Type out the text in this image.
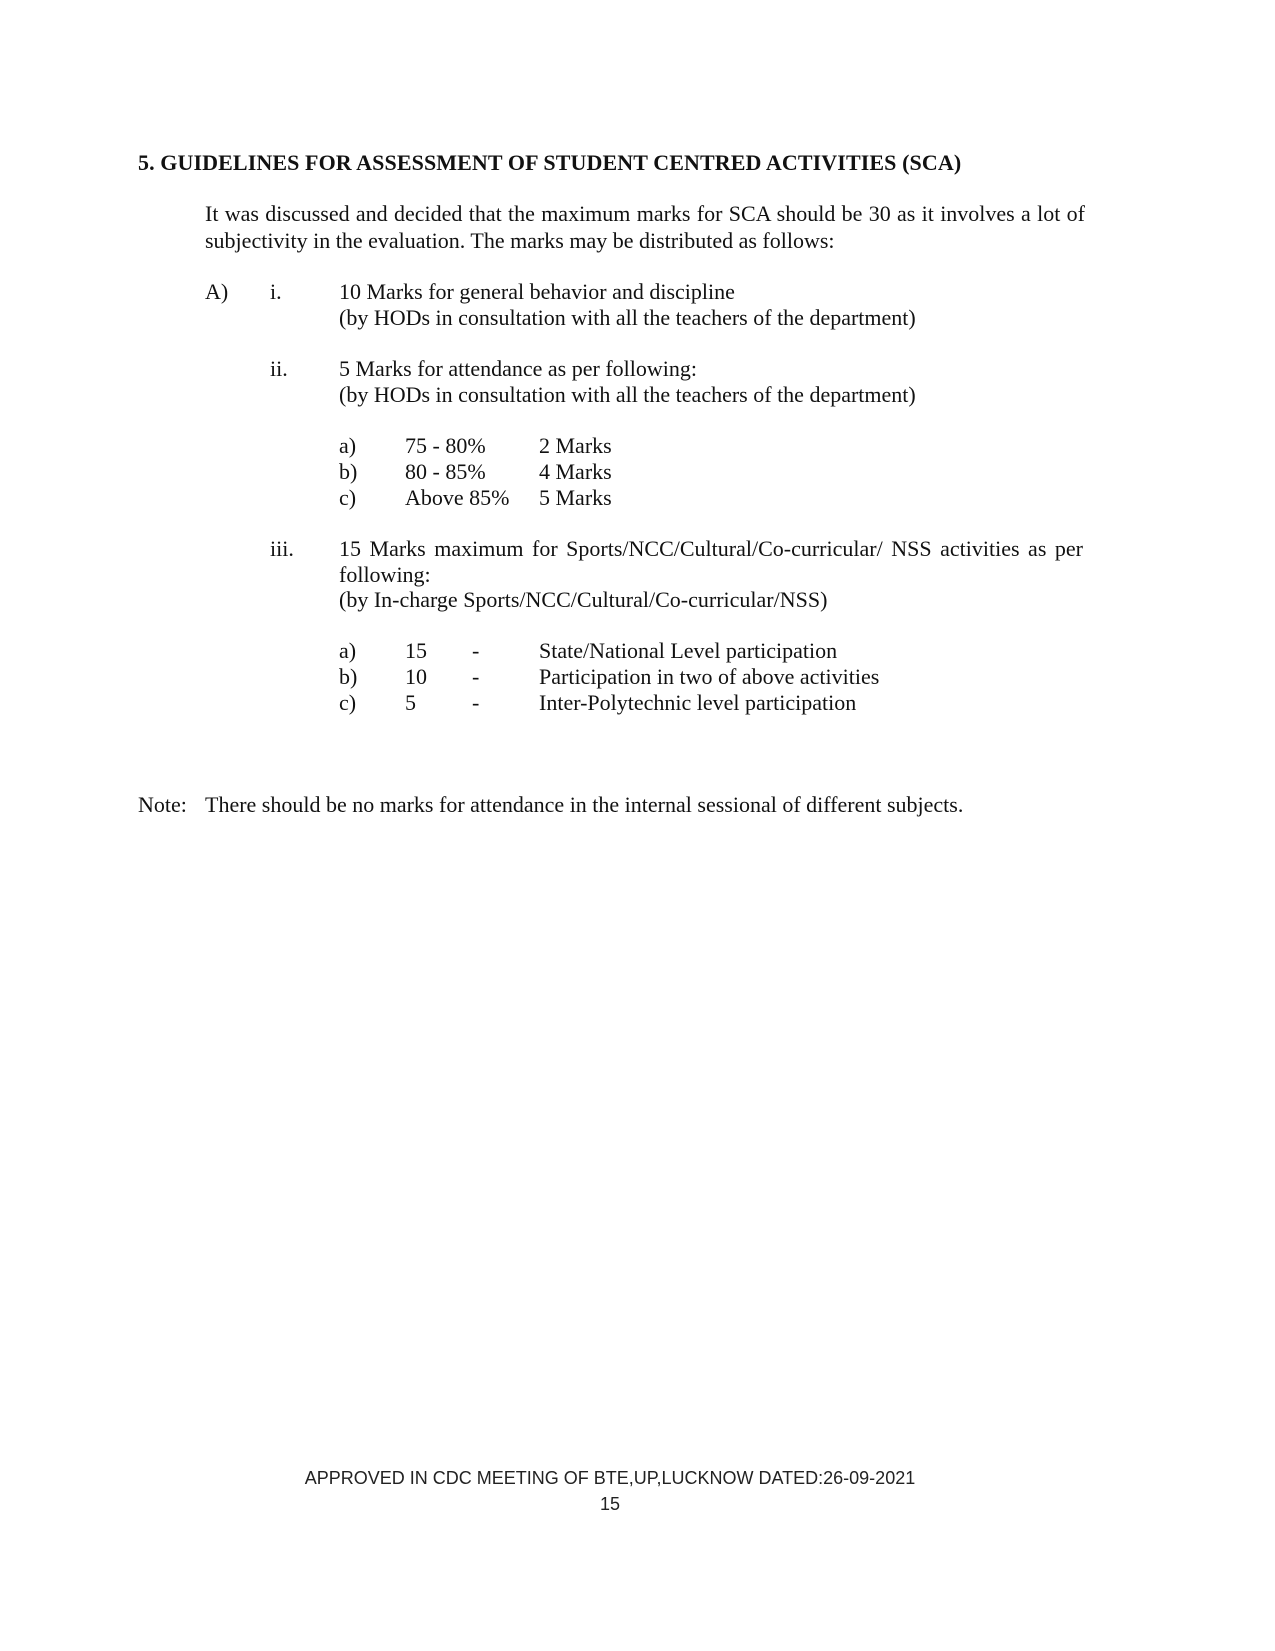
5. GUIDELINES FOR ASSESSMENT OF STUDENT CENTRED ACTIVITIES (SCA)
It was discussed and decided that the maximum marks for SCA should be 30 as it involves a lot of
subjectivity in the evaluation. The marks may be distributed as follows:
A) i.	10 Marks for general behavior and discipline
(by HODs in consultation with all the teachers of the department)
ii. 5 Marks for attendance as per following:
(by HODs in consultation with all the teachers of the department)
a) 75 - 80% 2 Marks
b) 80 - 85% 4 Marks
c) Above 85% 5 Marks
iii. 15 Marks maximum for Sports/NCC/Cultural/Co-curricular/ NSS activities as per
following:
(by In-charge Sports/NCC/Cultural/Co-curricular/NSS)
a) 15 -	State/National Level participation
b) 10 -	Participation in two of above activities
c) 5	-	Inter-Polytechnic level participation
Note: There should be no marks for attendance in the internal sessional of different subjects.
APPROVED IN CDC MEETING OF BTE,UP,LUCKNOW DATED:26-09-2021
15
